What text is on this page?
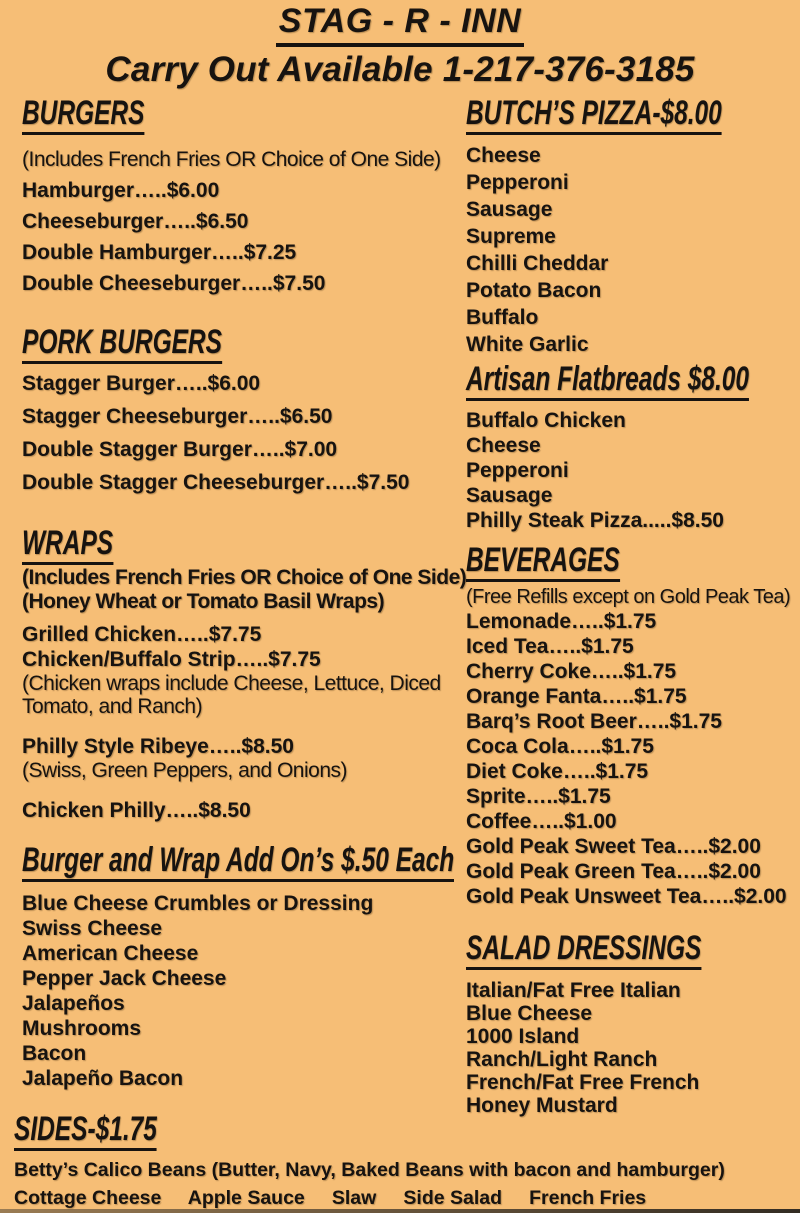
STAG - R - INN
Carry Out Available 1-217-376-3185
BURGERS
(Includes French Fries OR Choice of One Side)
Hamburger…..$6.00
Cheeseburger…..$6.50
Double Hamburger…..$7.25
Double Cheeseburger…..$7.50
PORK BURGERS
Stagger Burger…..$6.00
Stagger Cheeseburger…..$6.50
Double Stagger Burger…..$7.00
Double Stagger Cheeseburger…..$7.50
WRAPS
(Includes French Fries OR Choice of One Side)
(Honey Wheat or Tomato Basil Wraps)
Grilled Chicken…..$7.75
Chicken/Buffalo Strip…..$7.75
(Chicken wraps include Cheese, Lettuce, Diced
Tomato, and Ranch)
Philly Style Ribeye…..$8.50
(Swiss, Green Peppers, and Onions)
Chicken Philly…..$8.50
Burger and Wrap Add On’s $.50 Each
Blue Cheese Crumbles or Dressing
Swiss Cheese
American Cheese
Pepper Jack Cheese
Jalapeños
Mushrooms
Bacon
Jalapeño Bacon
BUTCH’S PIZZA-$8.00
Cheese
Pepperoni
Sausage
Supreme
Chilli Cheddar
Potato Bacon
Buffalo
White Garlic
Artisan Flatbreads $8.00
Buffalo Chicken
Cheese
Pepperoni
Sausage
Philly Steak Pizza.....$8.50
BEVERAGES
(Free Refills except on Gold Peak Tea)
Lemonade…..$1.75
Iced Tea…..$1.75
Cherry Coke…..$1.75
Orange Fanta…..$1.75
Barq’s Root Beer…..$1.75
Coca Cola…..$1.75
Diet Coke…..$1.75
Sprite…..$1.75
Coffee…..$1.00
Gold Peak Sweet Tea…..$2.00
Gold Peak Green Tea…..$2.00
Gold Peak Unsweet Tea…..$2.00
SALAD DRESSINGS
Italian/Fat Free Italian
Blue Cheese
1000 Island
Ranch/Light Ranch
French/Fat Free French
Honey Mustard
SIDES-$1.75
Betty’s Calico Beans (Butter, Navy, Baked Beans with bacon and hamburger)
Cottage Cheese     Apple Sauce     Slaw     Side Salad     French Fries
